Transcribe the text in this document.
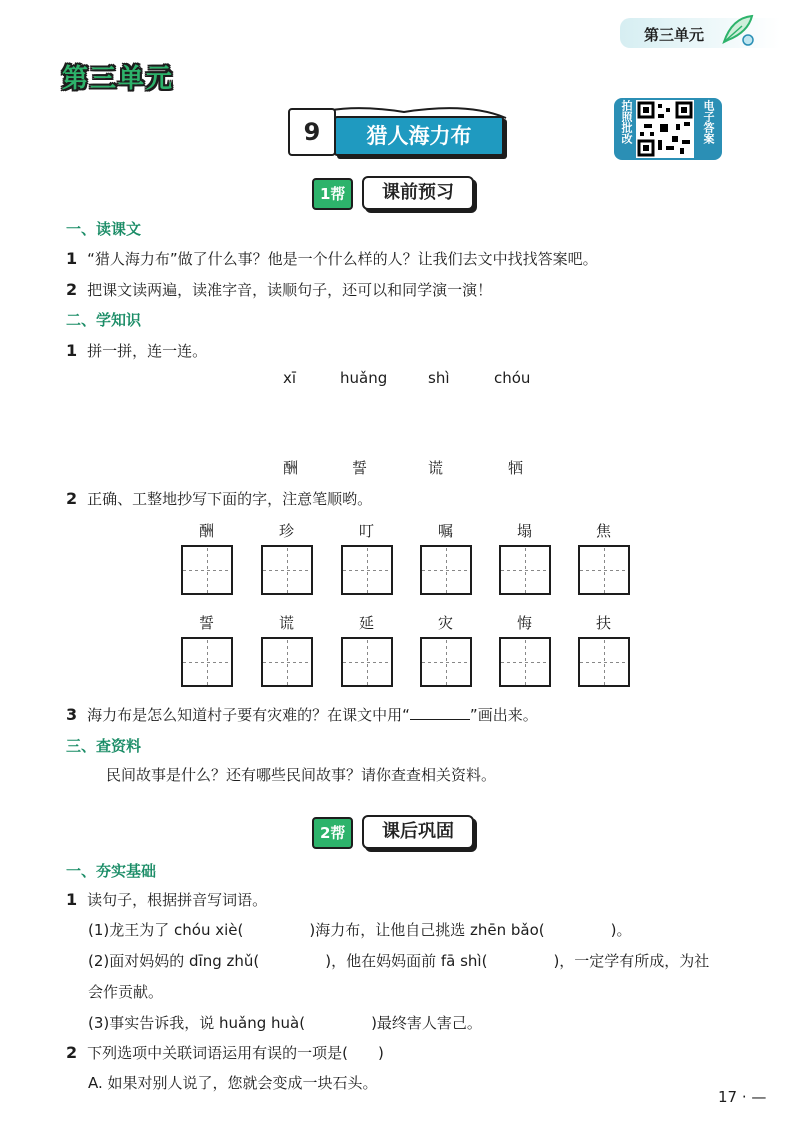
第三单元
第三单元
9	猎人海力布	拍照批改	电子答案
1帮	课前预习
一、读课文
1 “猎人海力布”做了什么事？他是一个什么样的人？让我们去文中找找答案吧。
2 把课文读两遍，读准字音，读顺句子，还可以和同学演一演！
二、学知识
1 拼一拼，连一连。
xī	huǎng	shì	chóu
酬	誓	谎	牺
2 正确、工整地抄写下面的字，注意笔顺哟。
酬	珍	叮	嘱	塌	焦
誓	谎	延	灾	悔	扶
3 海力布是怎么知道村子要有灾难的？在课文中用“	”画出来。
三、查资料
民间故事是什么？还有哪些民间故事？请你查查相关资料。
2帮	课后巩固
一、夯实基础
1 读句子，根据拼音写词语。
(1)龙王为了 chóu xiè(	)海力布，让他自己挑选 zhēn bǎo(	)。
(2)面对妈妈的 dīng zhǔ(	)，他在妈妈面前 fā shì(	)，一定学有所成，为社
会作贡献。
(3)事实告诉我，说 huǎng huà(	)最终害人害己。
2 下列选项中关联词语运用有误的一项是(　　)
A. 如果对别人说了，您就会变成一块石头。
17 · —
